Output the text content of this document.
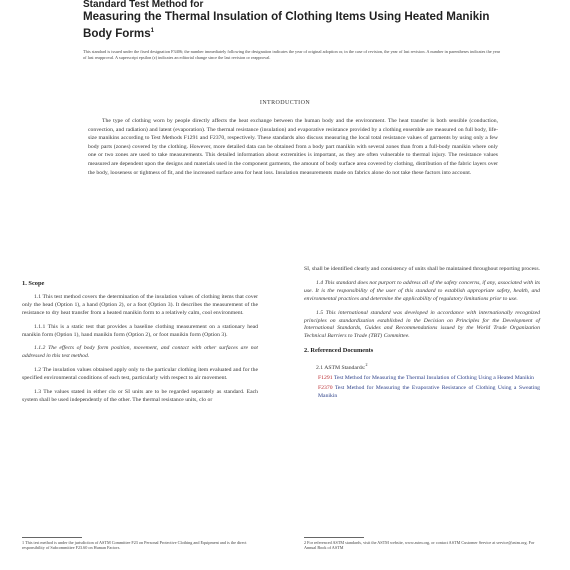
Standard Test Method for
Measuring the Thermal Insulation of Clothing Items Using Heated Manikin Body Forms$^1$
This standard is issued under the fixed designation F3406; the number immediately following the designation indicates the year of original adoption or, in the case of revision, the year of last revision. A number in parentheses indicates the year of last reapproval. A superscript epsilon (ε) indicates an editorial change since the last revision or reapproval.
INTRODUCTION
The type of clothing worn by people directly affects the heat exchange between the human body and the environment. The heat transfer is both sensible (conduction, convection, and radiation) and latent (evaporation). The thermal resistance (insulation) and evaporative resistance provided by a clothing ensemble are measured on full body, life-size manikins according to Test Methods F1291 and F2370, respectively. These standards also discuss measuring the local total resistance values of garments by using only a few body parts (zones) covered by the clothing. However, more detailed data can be obtained from a body part manikin with several zones than from a full-body manikin where only one or two zones are used to take measurements. This detailed information about extremities is important, as they are often vulnerable to thermal injury. The resistance values measured are dependent upon the designs and materials used in the component garments, the amount of body surface area covered by clothing, distribution of the fabric layers over the body, looseness or tightness of fit, and the increased surface area for heat loss. Insulation measurements made on fabrics alone do not take these factors into account.

1. Scope

1.1 This test method covers the determination of the insulation values of clothing items that cover only the head (Option 1), a hand (Option 2), or a foot (Option 3). It describes the measurement of the resistance to dry heat transfer from a heated manikin form to a relatively calm, cool environment.

1.1.1 This is a static test that provides a baseline clothing measurement on a stationary head manikin form (Option 1), hand manikin form (Option 2), or foot manikin form (Option 3).

1.1.2 The effects of body form position, movement, and contact with other surfaces are not addressed in this test method.

1.2 The insulation values obtained apply only to the particular clothing item evaluated and for the specified environmental conditions of each test, particularly with respect to air movement.

1.3 The values stated in either clo or SI units are to be regarded separately as standard. Each system shall be used independently of the other. The thermal resistance units, clo or

SI, shall be identified clearly and consistency of units shall be maintained throughout reporting process.

1.4 This standard does not purport to address all of the safety concerns, if any, associated with its use. It is the responsibility of the user of this standard to establish appropriate safety, health, and environmental practices and determine the applicability of regulatory limitations prior to use.

1.5 This international standard was developed in accordance with internationally recognized principles on standardization established in the Decision on Principles for the Development of International Standards, Guides and Recommendations issued by the World Trade Organization Technical Barriers to Trade (TBT) Committee.

2. Referenced Documents

2.1 ASTM Standards:$^2$

F1291 Test Method for Measuring the Thermal Insulation of Clothing Using a Heated Manikin

F2370 Test Method for Measuring the Evaporative Resistance of Clothing Using a Sweating Manikin

1 This test method is under the jurisdiction of ASTM Committee F23 on Personal Protective Clothing and Equipment and is the direct responsibility of Subcommittee F23.60 on Human Factors.
2 For referenced ASTM standards, visit the ASTM website, www.astm.org, or contact ASTM Customer Service at service@astm.org. For Annual Book of ASTM
